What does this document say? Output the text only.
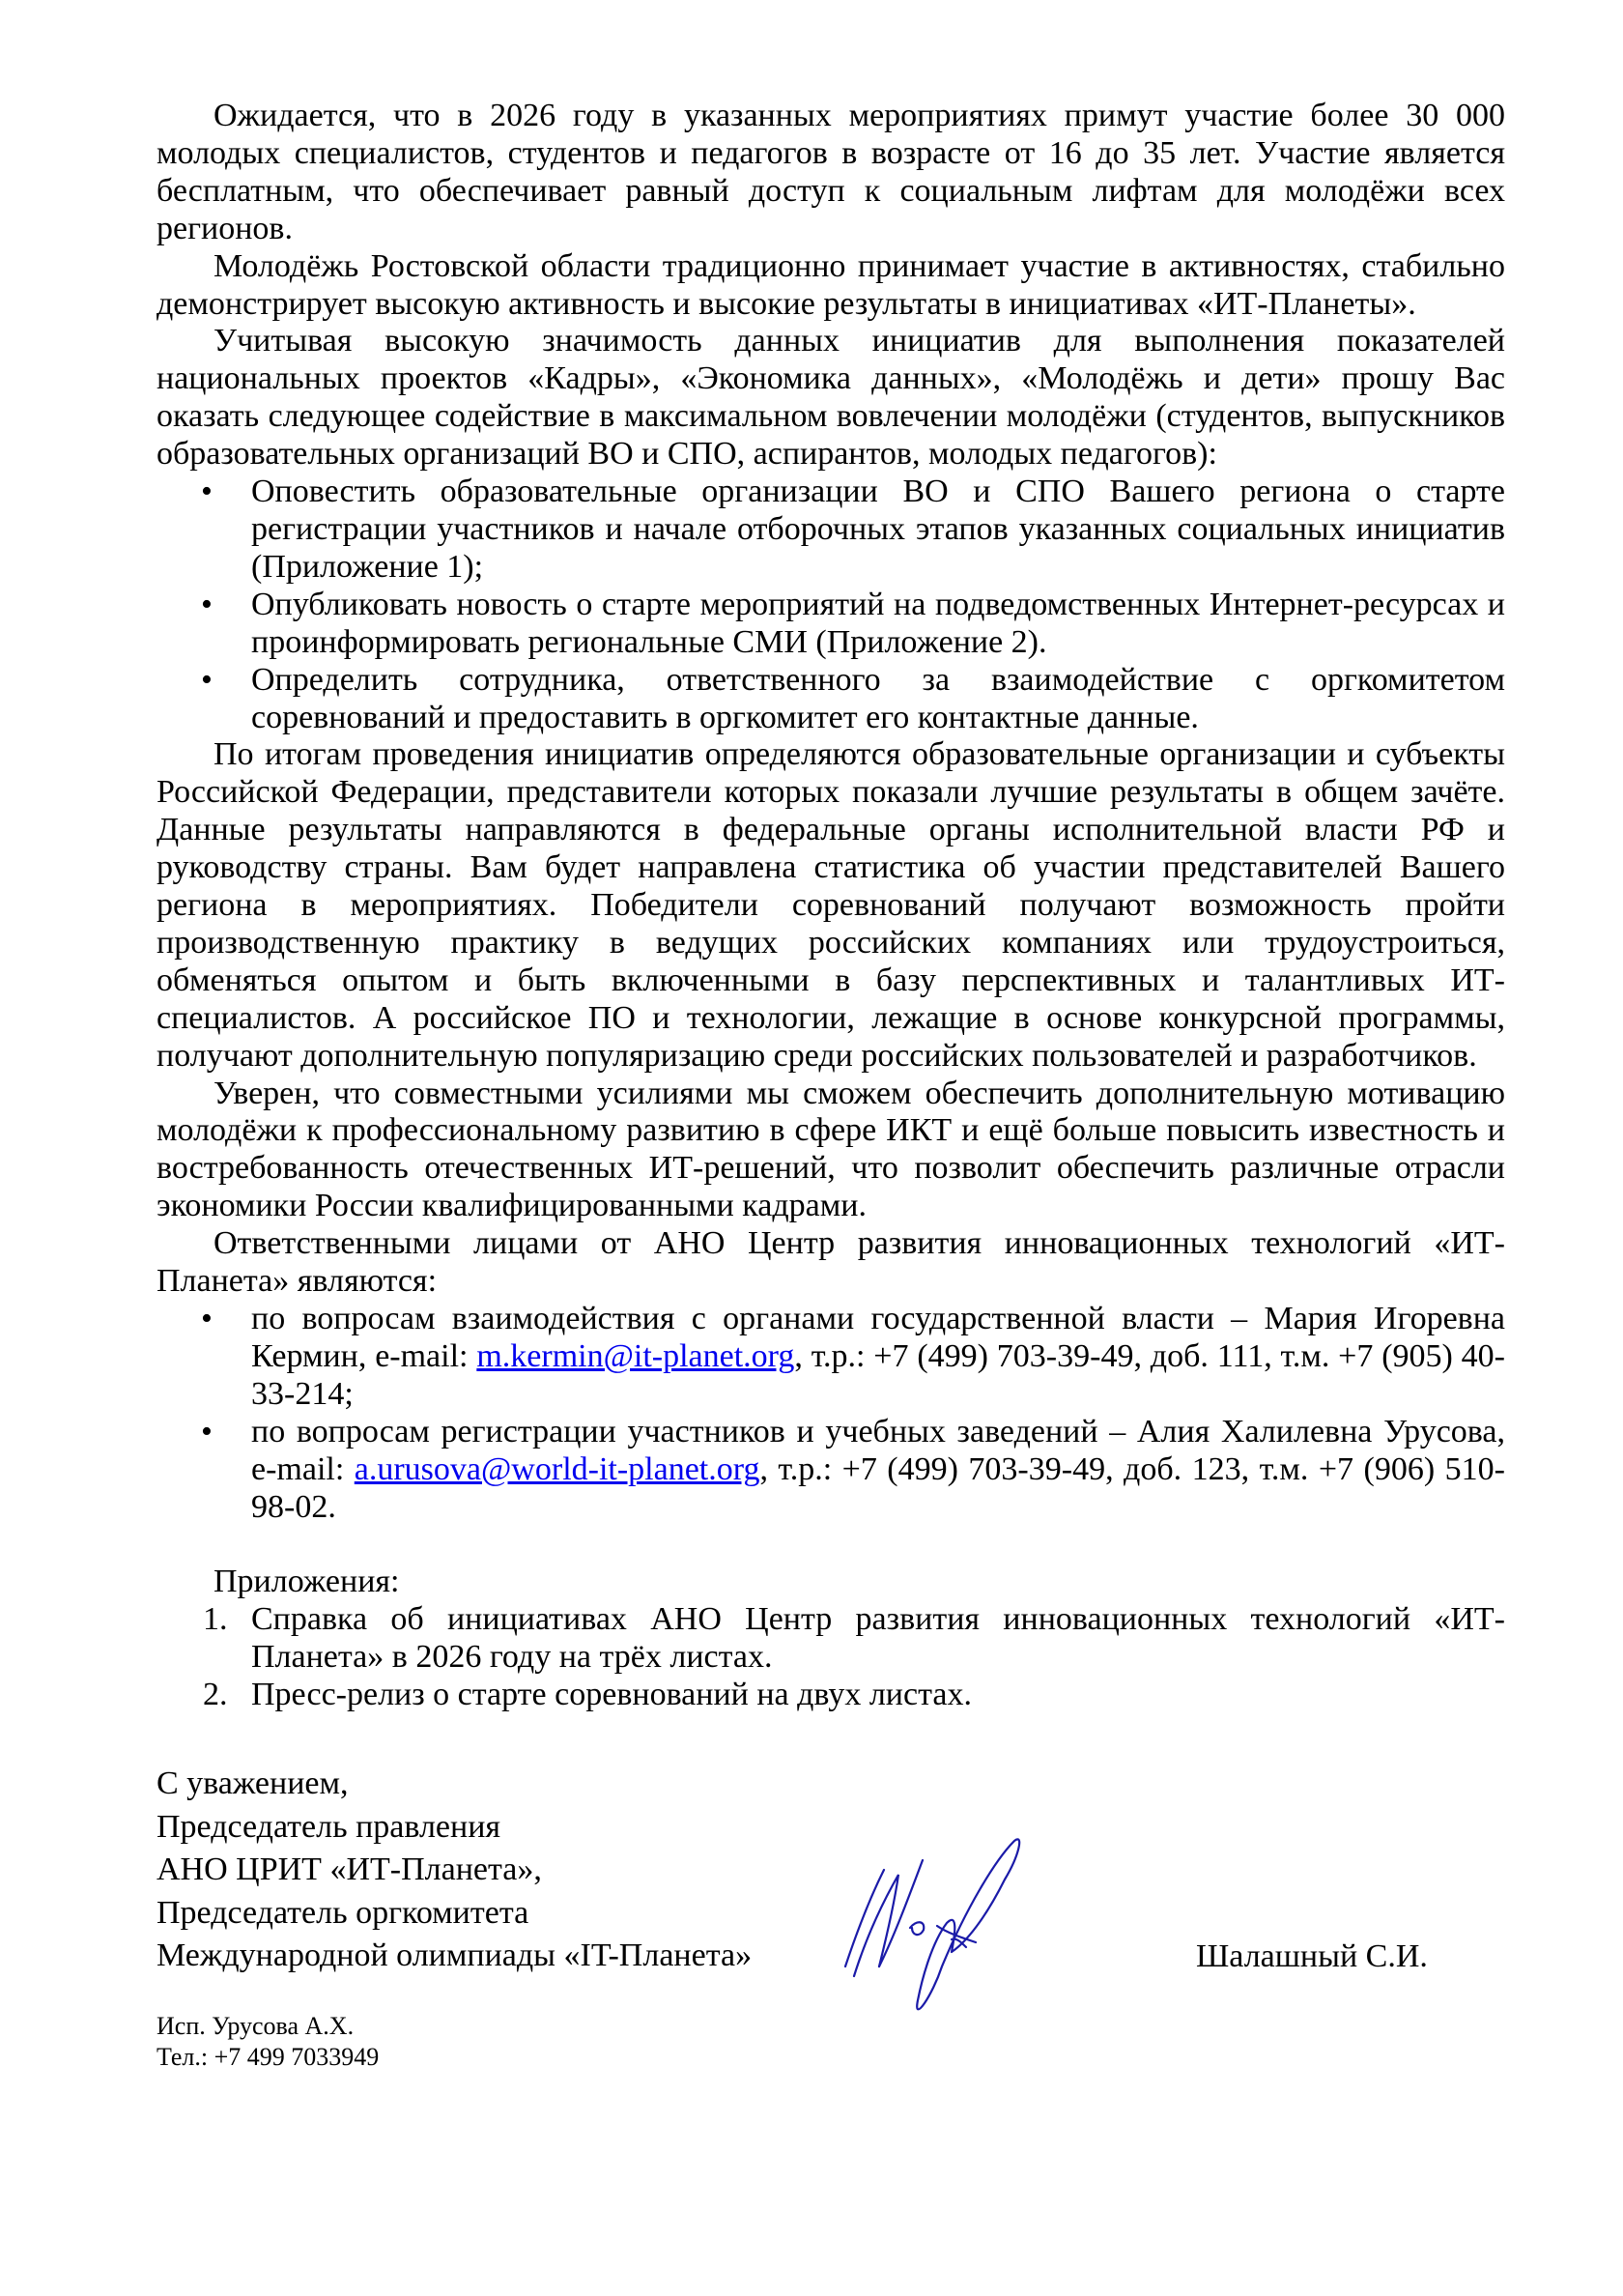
Ожидается, что в 2026 году в указанных мероприятиях примут участие более 30 000 молодых специалистов, студентов и педагогов в возрасте от 16 до 35 лет. Участие является бесплатным, что обеспечивает равный доступ к социальным лифтам для молодёжи всех регионов.

Молодёжь Ростовской области традиционно принимает участие в активностях, стабильно демонстрирует высокую активность и высокие результаты в инициативах «ИТ-Планеты».

Учитывая высокую значимость данных инициатив для выполнения показателей национальных проектов «Кадры», «Экономика данных», «Молодёжь и дети» прошу Вас оказать следующее содействие в максимальном вовлечении молодёжи (студентов, выпускников образовательных организаций ВО и СПО, аспирантов, молодых педагогов):

• Оповестить образовательные организации ВО и СПО Вашего региона о старте регистрации участников и начале отборочных этапов указанных социальных инициатив (Приложение 1);
• Опубликовать новость о старте мероприятий на подведомственных Интернет-ресурсах и проинформировать региональные СМИ (Приложение 2).
• Определить сотрудника, ответственного за взаимодействие с оргкомитетом соревнований и предоставить в оргкомитет его контактные данные.

По итогам проведения инициатив определяются образовательные организации и субъекты Российской Федерации, представители которых показали лучшие результаты в общем зачёте. Данные результаты направляются в федеральные органы исполнительной власти РФ и руководству страны. Вам будет направлена статистика об участии представителей Вашего региона в мероприятиях. Победители соревнований получают возможность пройти производственную практику в ведущих российских компаниях или трудоустроиться, обменяться опытом и быть включенными в базу перспективных и талантливых ИТ-специалистов. А российское ПО и технологии, лежащие в основе конкурсной программы, получают дополнительную популяризацию среди российских пользователей и разработчиков.

Уверен, что совместными усилиями мы сможем обеспечить дополнительную мотивацию молодёжи к профессиональному развитию в сфере ИКТ и ещё больше повысить известность и востребованность отечественных ИТ-решений, что позволит обеспечить различные отрасли экономики России квалифицированными кадрами.

Ответственными лицами от АНО Центр развития инновационных технологий «ИТ-Планета» являются:

• по вопросам взаимодействия с органами государственной власти – Мария Игоревна Кермин, e-mail: m.kermin@it-planet.org, т.р.: +7 (499) 703-39-49, доб. 111, т.м. +7 (905) 40-33-214;
• по вопросам регистрации участников и учебных заведений – Алия Халилевна Урусова, e-mail: a.urusova@world-it-planet.org, т.р.: +7 (499) 703-39-49, доб. 123, т.м. +7 (906) 510-98-02.

Приложения:

1. Справка об инициативах АНО Центр развития инновационных технологий «ИТ-Планета» в 2026 году на трёх листах.
2. Пресс-релиз о старте соревнований на двух листах.
С уважением,
Председатель правления
АНО ЦРИТ «ИТ-Планета»,
Председатель оргкомитета
Международной олимпиады «IT-Планета»	Шалашный С.И.
Исп. Урусова А.Х.
Тел.: +7 499 7033949
